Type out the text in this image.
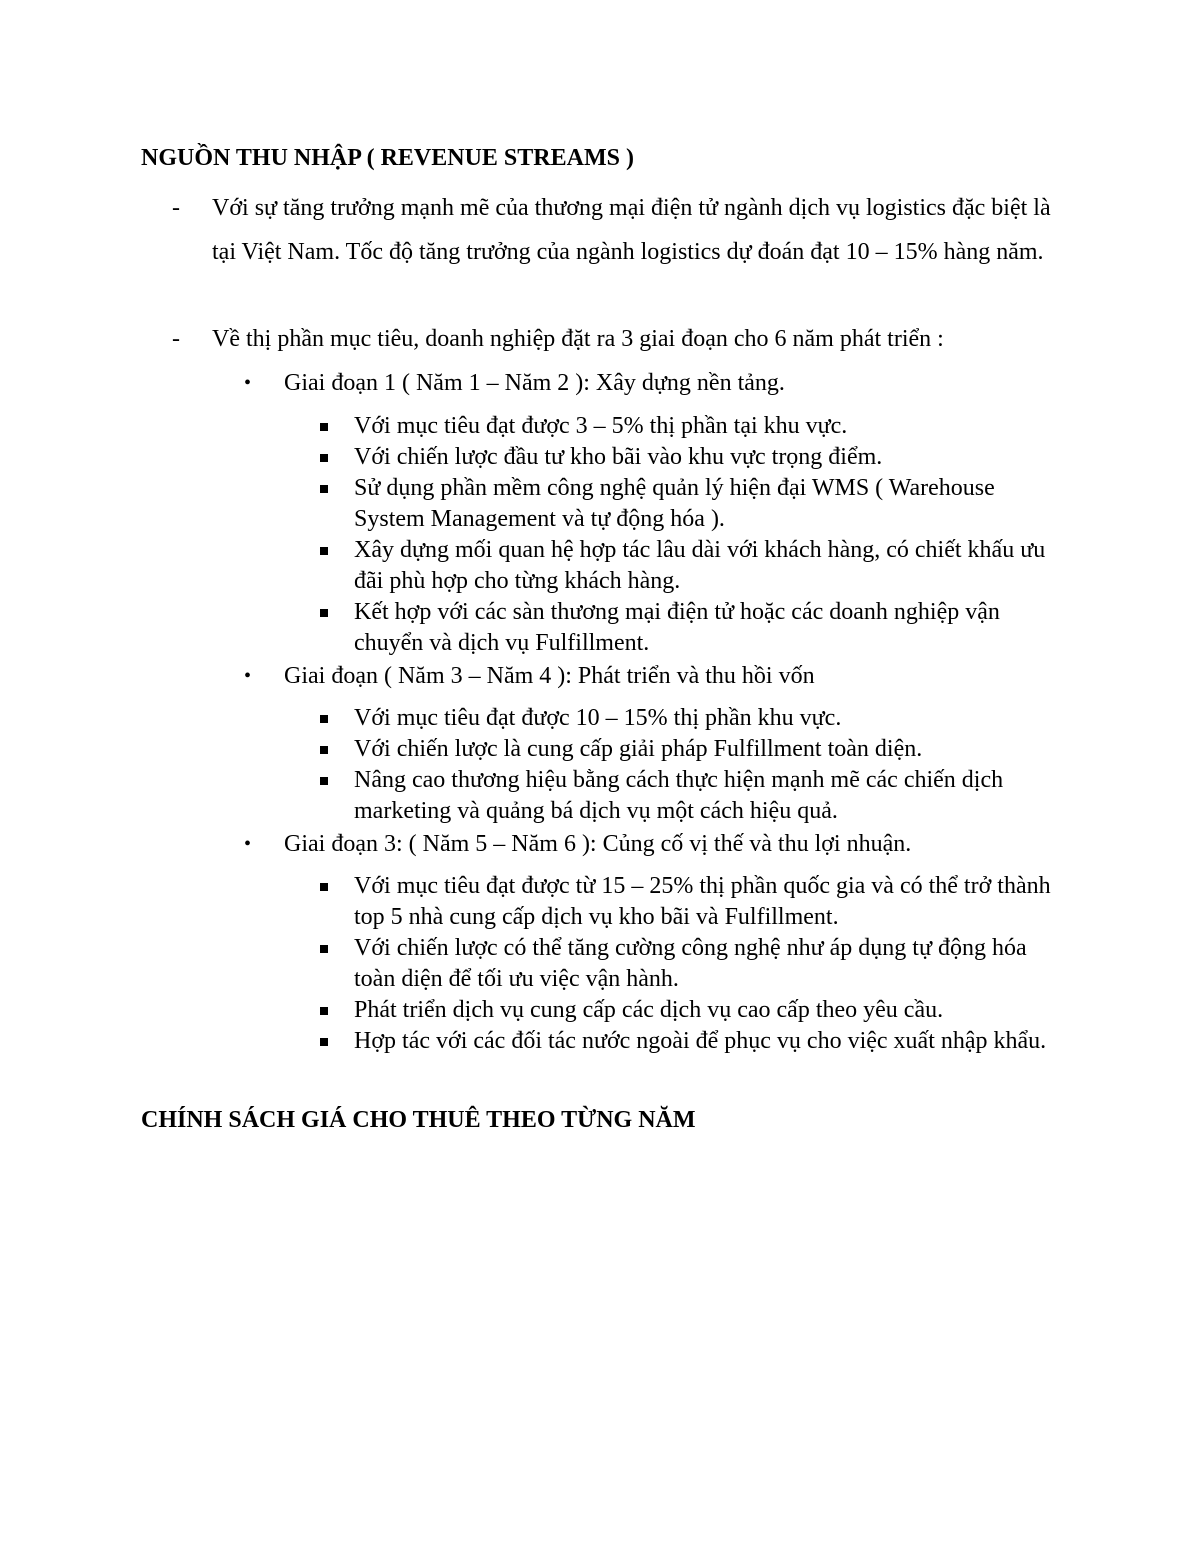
NGUỒN THU NHẬP ( REVENUE STREAMS )
- Với sự tăng trưởng mạnh mẽ của thương mại điện tử ngành dịch vụ logistics đặc biệt là tại Việt Nam. Tốc độ tăng trưởng của ngành logistics dự đoán đạt 10 – 15% hàng năm.
- Về thị phần mục tiêu, doanh nghiệp đặt ra 3 giai đoạn cho 6 năm phát triển :
• Giai đoạn 1 ( Năm 1 – Năm 2 ): Xây dựng nền tảng.
Với mục tiêu đạt được 3 – 5% thị phần tại khu vực.
Với chiến lược đầu tư kho bãi vào khu vực trọng điểm.
Sử dụng phần mềm công nghệ quản lý hiện đại WMS ( Warehouse System Management và tự động hóa ).
Xây dựng mối quan hệ hợp tác lâu dài với khách hàng, có chiết khấu ưu đãi phù hợp cho từng khách hàng.
Kết hợp với các sàn thương mại điện tử hoặc các doanh nghiệp vận chuyển và dịch vụ Fulfillment.
• Giai đoạn ( Năm 3 – Năm 4 ): Phát triển và thu hồi vốn
Với mục tiêu đạt được 10 – 15% thị phần khu vực.
Với chiến lược là cung cấp giải pháp Fulfillment toàn diện.
Nâng cao thương hiệu bằng cách thực hiện mạnh mẽ các chiến dịch marketing và quảng bá dịch vụ một cách hiệu quả.
• Giai đoạn 3: ( Năm 5 – Năm 6 ): Củng cố vị thế và thu lợi nhuận.
Với mục tiêu đạt được từ 15 – 25% thị phần quốc gia và có thể trở thành top 5 nhà cung cấp dịch vụ kho bãi và Fulfillment.
Với chiến lược có thể tăng cường công nghệ như áp dụng tự động hóa toàn diện để tối ưu việc vận hành.
Phát triển dịch vụ cung cấp các dịch vụ cao cấp theo yêu cầu.
Hợp tác với các đối tác nước ngoài để phục vụ cho việc xuất nhập khẩu.
CHÍNH SÁCH GIÁ CHO THUÊ THEO TỪNG NĂM
